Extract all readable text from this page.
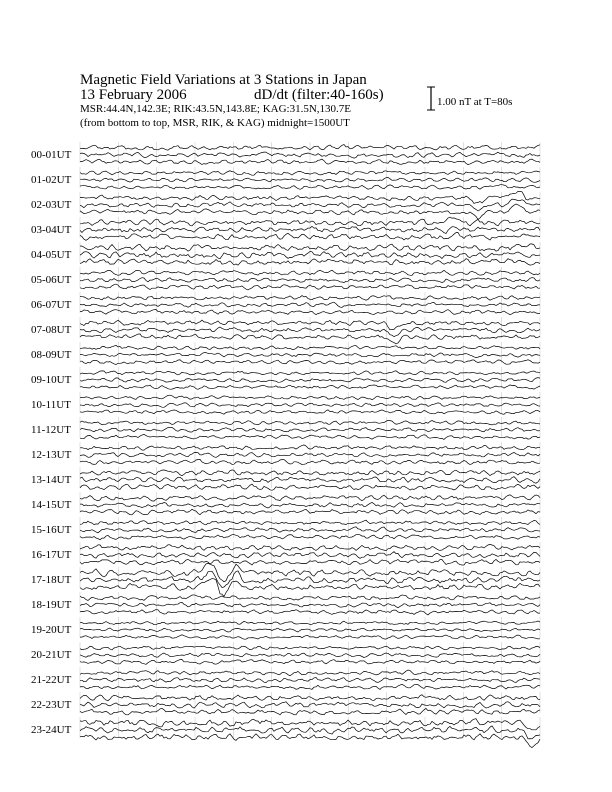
Magnetic Field Variations at 3 Stations in Japan
13 February 2006	dD/dt (filter:40-160s)
MSR:44.4N,142.3E; RIK:43.5N,143.8E; KAG:31.5N,130.7E
(from bottom to top, MSR, RIK, & KAG) midnight=1500UT
1.00 nT at T=80s
00-01UT
01-02UT
02-03UT
03-04UT
04-05UT
05-06UT
06-07UT
07-08UT
08-09UT
09-10UT
10-11UT
11-12UT
12-13UT
13-14UT
14-15UT
15-16UT
16-17UT
17-18UT
18-19UT
19-20UT
20-21UT
21-22UT
22-23UT
23-24UT
